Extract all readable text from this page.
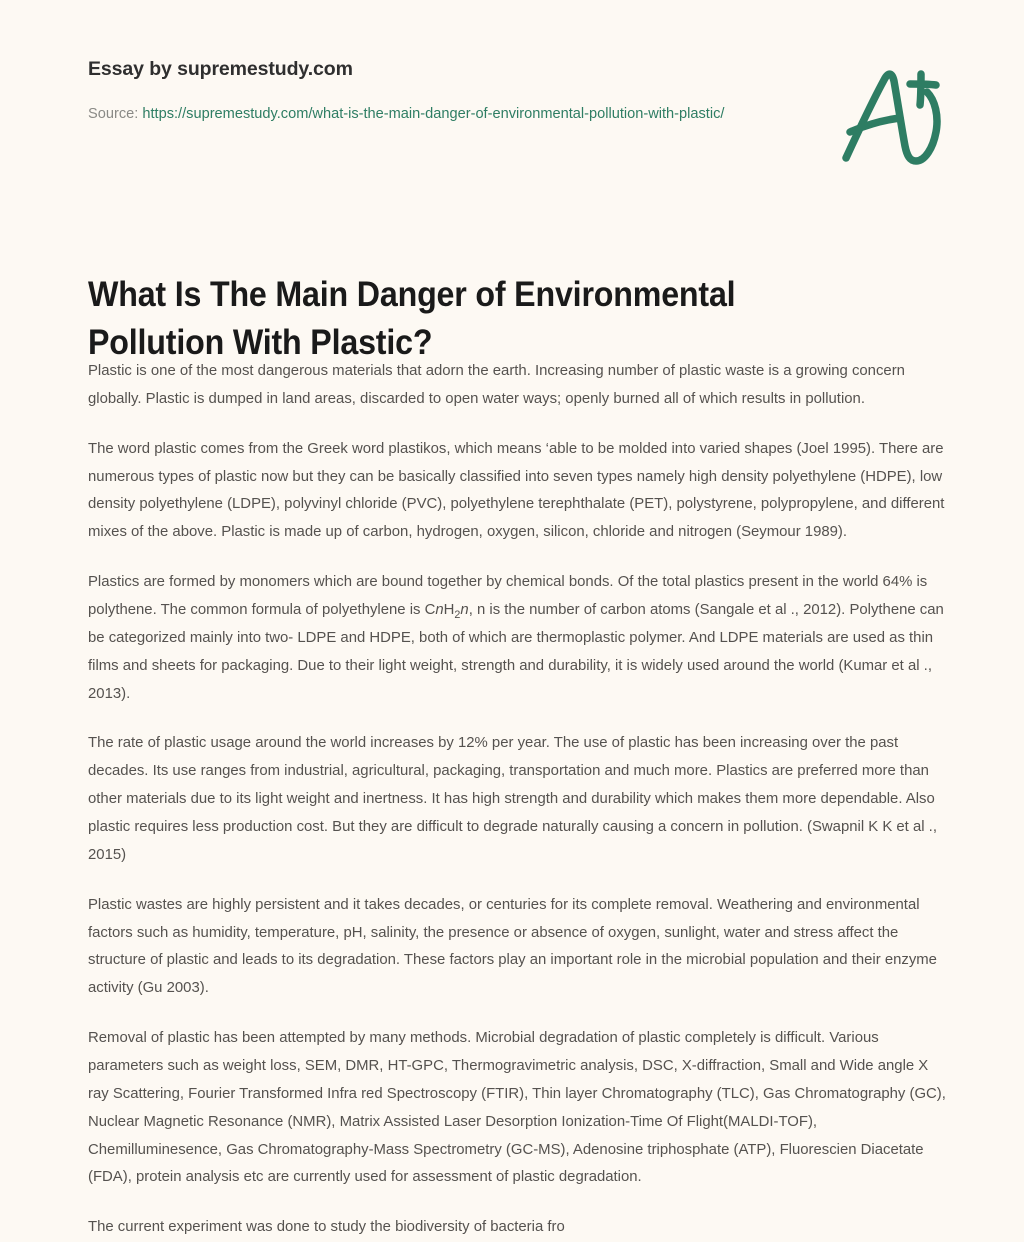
Essay by supremestudy.com
Source: https://supremestudy.com/what-is-the-main-danger-of-environmental-pollution-with-plastic/
What Is The Main Danger of Environmental Pollution With Plastic?

Plastic is one of the most dangerous materials that adorn the earth. Increasing number of plastic waste is a growing concern globally. Plastic is dumped in land areas, discarded to open water ways; openly burned all of which results in pollution.

The word plastic comes from the Greek word plastikos, which means ‘able to be molded into varied shapes (Joel 1995). There are numerous types of plastic now but they can be basically classified into seven types namely high density polyethylene (HDPE), low density polyethylene (LDPE), polyvinyl chloride (PVC), polyethylene terephthalate (PET), polystyrene, polypropylene, and different mixes of the above. Plastic is made up of carbon, hydrogen, oxygen, silicon, chloride and nitrogen (Seymour 1989).

Plastics are formed by monomers which are bound together by chemical bonds. Of the total plastics present in the world 64% is polythene. The common formula of polyethylene is CnH$_2$n, n is the number of carbon atoms (Sangale et al ., 2012). Polythene can be categorized mainly into two- LDPE and HDPE, both of which are thermoplastic polymer. And LDPE materials are used as thin films and sheets for packaging. Due to their light weight, strength and durability, it is widely used around the world (Kumar et al ., 2013).

The rate of plastic usage around the world increases by 12% per year. The use of plastic has been increasing over the past decades. Its use ranges from industrial, agricultural, packaging, transportation and much more. Plastics are preferred more than other materials due to its light weight and inertness. It has high strength and durability which makes them more dependable. Also plastic requires less production cost. But they are difficult to degrade naturally causing a concern in pollution. (Swapnil K K et al ., 2015)

Plastic wastes are highly persistent and it takes decades, or centuries for its complete removal. Weathering and environmental factors such as humidity, temperature, pH, salinity, the presence or absence of oxygen, sunlight, water and stress affect the structure of plastic and leads to its degradation. These factors play an important role in the microbial population and their enzyme activity (Gu 2003).

Removal of plastic has been attempted by many methods. Microbial degradation of plastic completely is difficult. Various parameters such as weight loss, SEM, DMR, HT-GPC, Thermogravimetric analysis, DSC, X-diffraction, Small and Wide angle X ray Scattering, Fourier Transformed Infra red Spectroscopy (FTIR), Thin layer Chromatography (TLC), Gas Chromatography (GC), Nuclear Magnetic Resonance (NMR), Matrix Assisted Laser Desorption Ionization-Time Of Flight(MALDI-TOF), Chemilluminesence, Gas Chromatography-Mass Spectrometry (GC-MS), Adenosine triphosphate (ATP), Fluorescien Diacetate (FDA), protein analysis etc are currently used for assessment of plastic degradation.

The current experiment was done to study the biodiversity of bacteria fro
